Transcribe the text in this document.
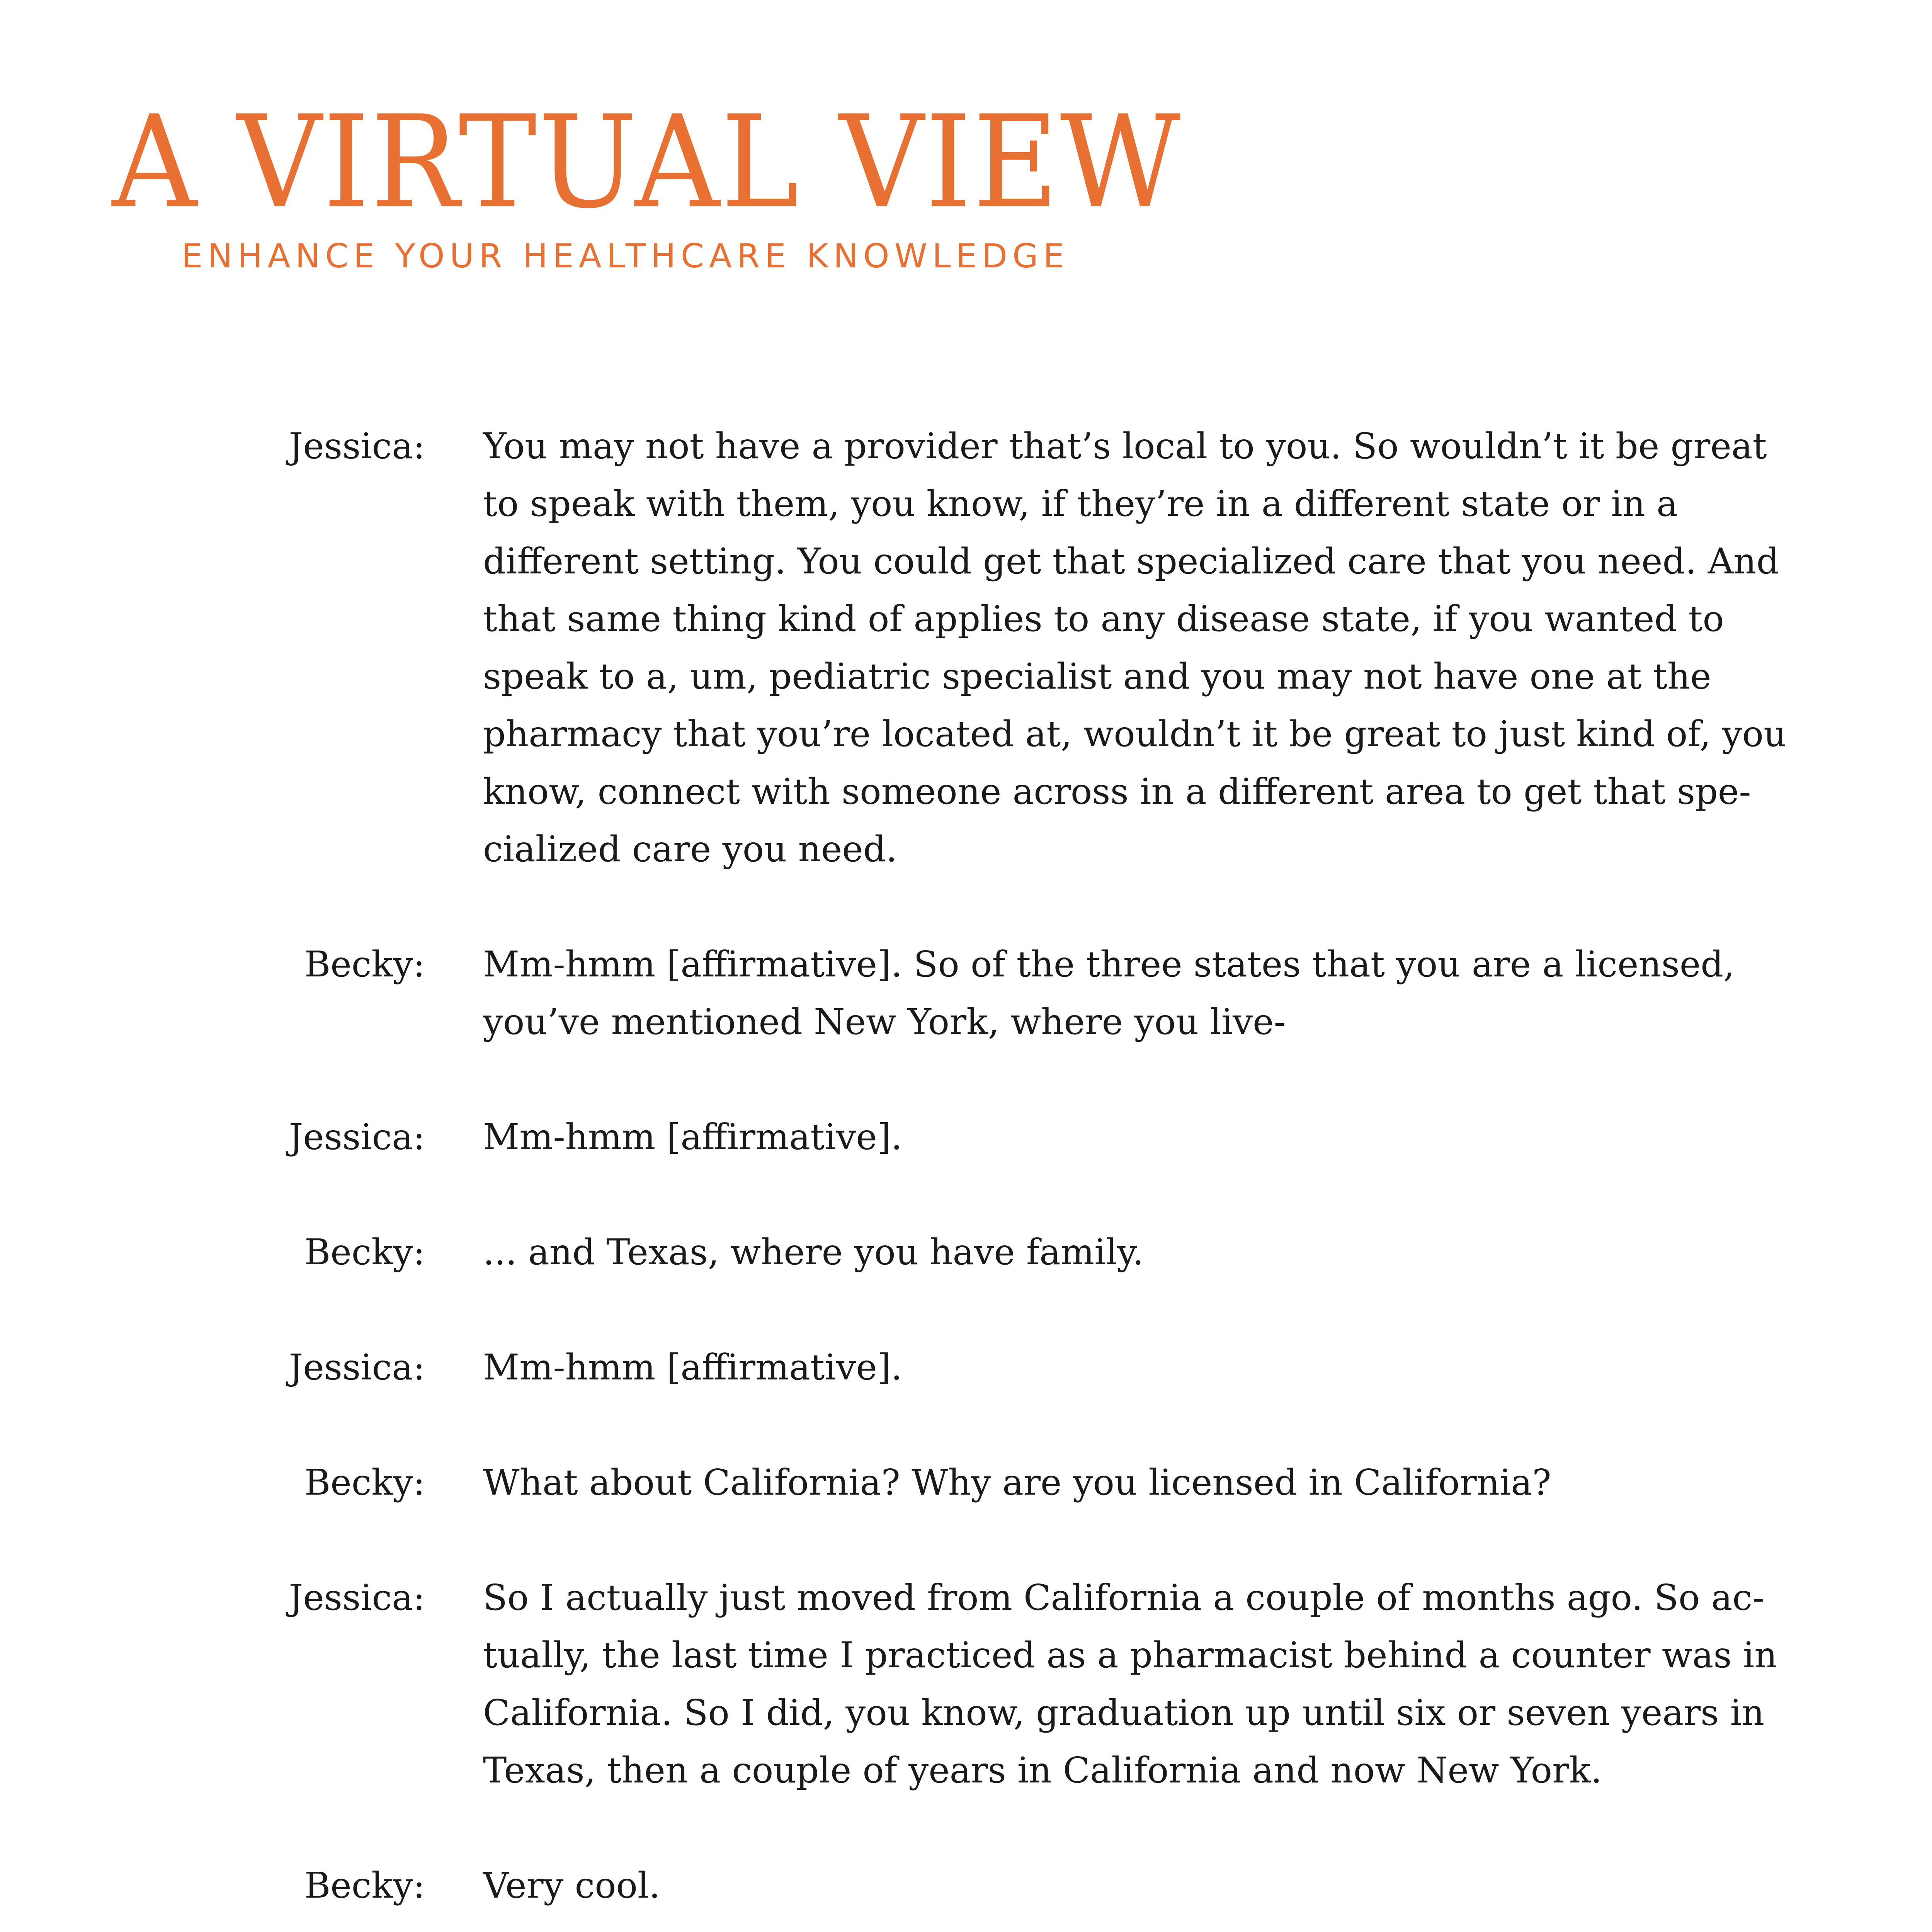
A VIRTUAL VIEW
ENHANCE YOUR HEALTHCARE KNOWLEDGE
Jessica: You may not have a provider that’s local to you. So wouldn’t it be great to speak with them, you know, if they’re in a different state or in a different setting. You could get that specialized care that you need. And that same thing kind of applies to any disease state, if you wanted to speak to a, um, pediatric specialist and you may not have one at the pharmacy that you’re located at, wouldn’t it be great to just kind of, you know, connect with someone across in a different area to get that spe-cialized care you need.
Becky: Mm-hmm [affirmative]. So of the three states that you are a licensed, you’ve mentioned New York, where you live-
Jessica: Mm-hmm [affirmative].
Becky: ... and Texas, where you have family.
Jessica: Mm-hmm [affirmative].
Becky: What about California? Why are you licensed in California?
Jessica: So I actually just moved from California a couple of months ago. So ac-tually, the last time I practiced as a pharmacist behind a counter was in California. So I did, you know, graduation up until six or seven years in Texas, then a couple of years in California and now New York.
Becky: Very cool.
